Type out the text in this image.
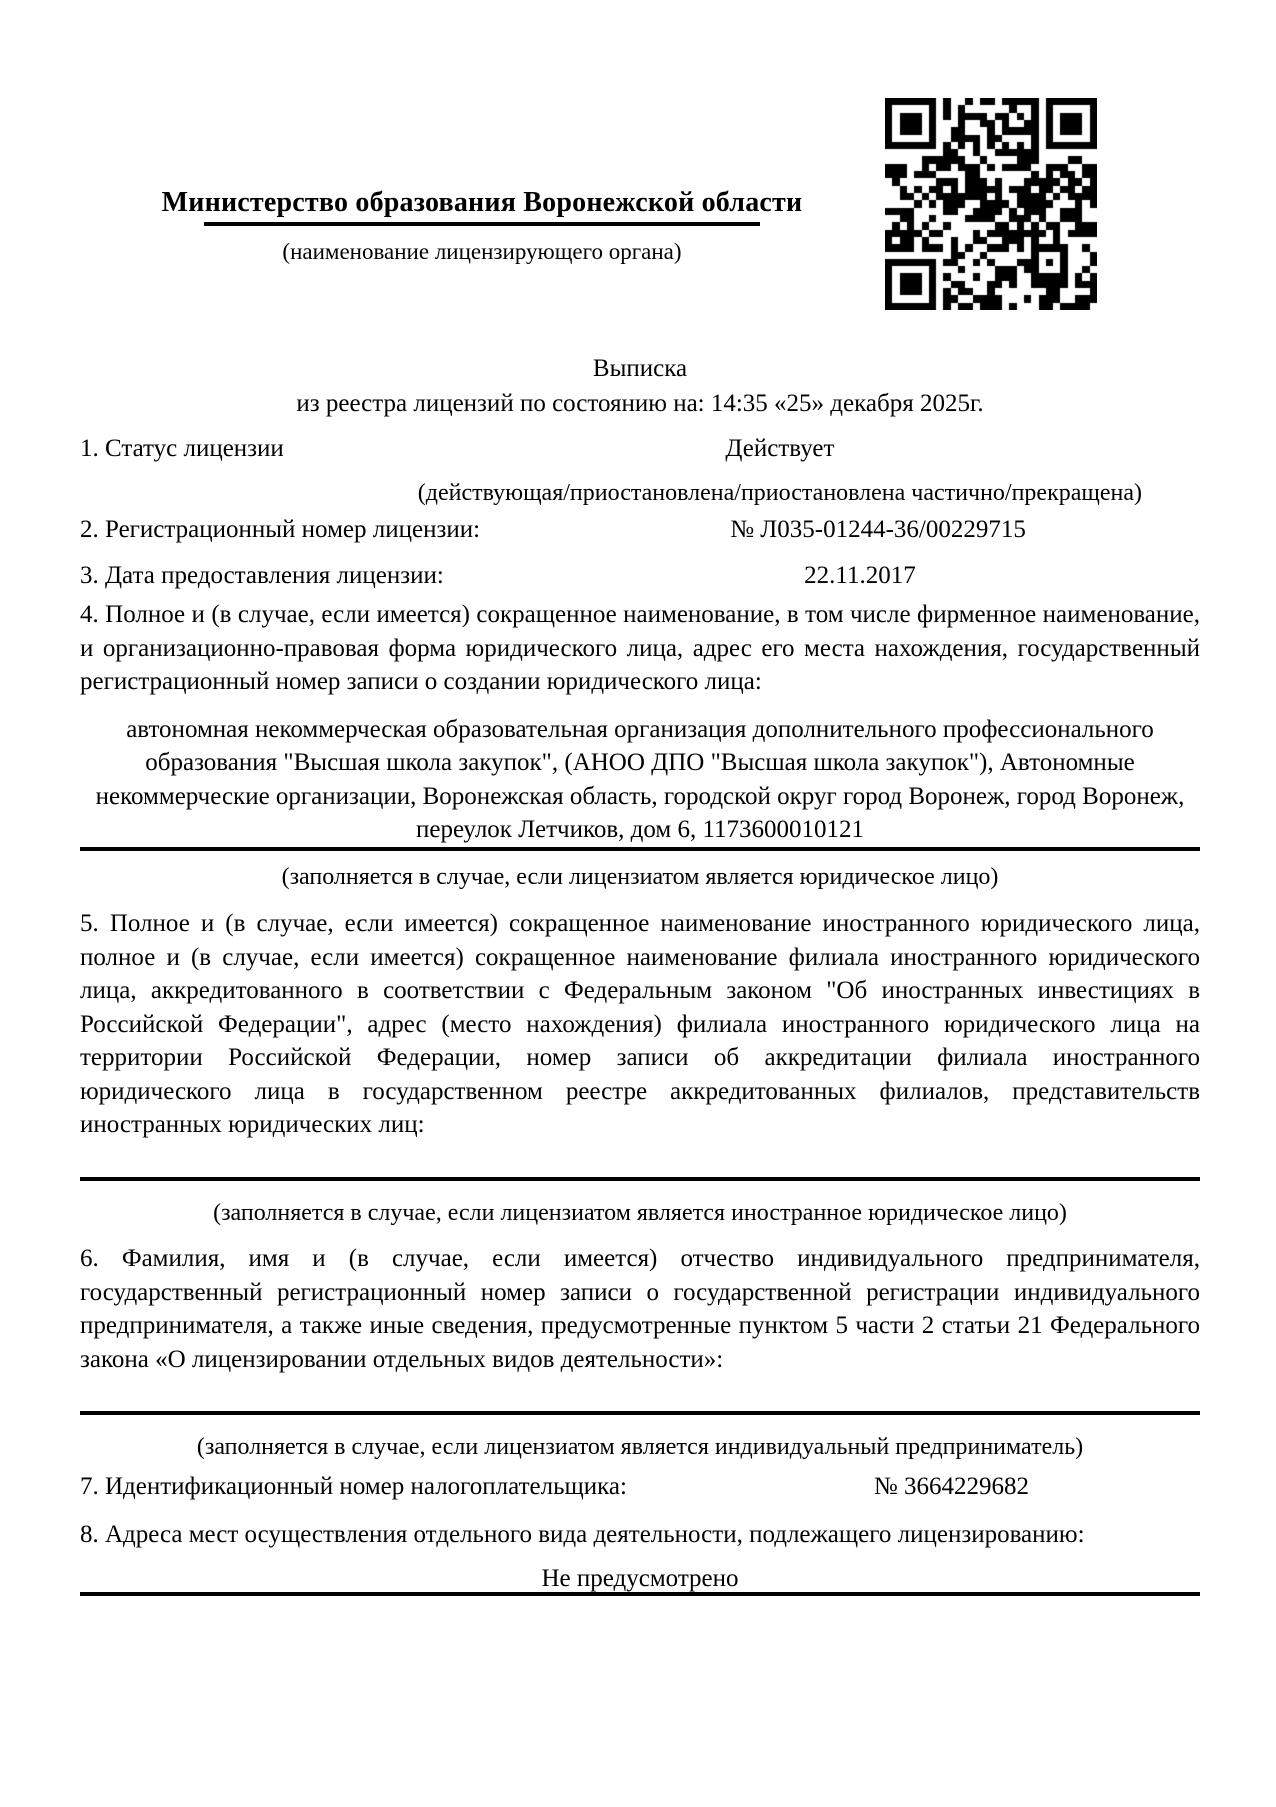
Министерство образования Воронежской области
(наименование лицензирующего органа)
Выписка
из реестра лицензий по состоянию на: 14:35 «25» декабря 2025г.
1. Статус лицензии	Действует
(действующая/приостановлена/приостановлена частично/прекращена)
2. Регистрационный номер лицензии:	№ Л035-01244-36/00229715
3. Дата предоставления лицензии:	22.11.2017
4. Полное и (в случае, если имеется) сокращенное наименование, в том числе фирменное наименование, и организационно-правовая форма юридического лица, адрес его места нахождения, государственный регистрационный номер записи о создании юридического лица:
автономная некоммерческая образовательная организация дополнительного профессионального образования "Высшая школа закупок", (АНОО ДПО "Высшая школа закупок"), Автономные некоммерческие организации, Воронежская область, городской округ город Воронеж, город Воронеж, переулок Летчиков, дом 6, 1173600010121
(заполняется в случае, если лицензиатом является юридическое лицо)
5. Полное и (в случае, если имеется) сокращенное наименование иностранного юридического лица, полное и (в случае, если имеется) сокращенное наименование филиала иностранного юридического лица, аккредитованного в соответствии с Федеральным законом "Об иностранных инвестициях в Российской Федерации", адрес (место нахождения) филиала иностранного юридического лица на территории Российской Федерации, номер записи об аккредитации филиала иностранного юридического лица в государственном реестре аккредитованных филиалов, представительств иностранных юридических лиц:
(заполняется в случае, если лицензиатом является иностранное юридическое лицо)
6. Фамилия, имя и (в случае, если имеется) отчество индивидуального предпринимателя, государственный регистрационный номер записи о государственной регистрации индивидуального предпринимателя, а также иные сведения, предусмотренные пунктом 5 части 2 статьи 21 Федерального закона «О лицензировании отдельных видов деятельности»:
(заполняется в случае, если лицензиатом является индивидуальный предприниматель)
7. Идентификационный номер налогоплательщика:	№ 3664229682
8. Адреса мест осуществления отдельного вида деятельности, подлежащего лицензированию:
Не предусмотрено
